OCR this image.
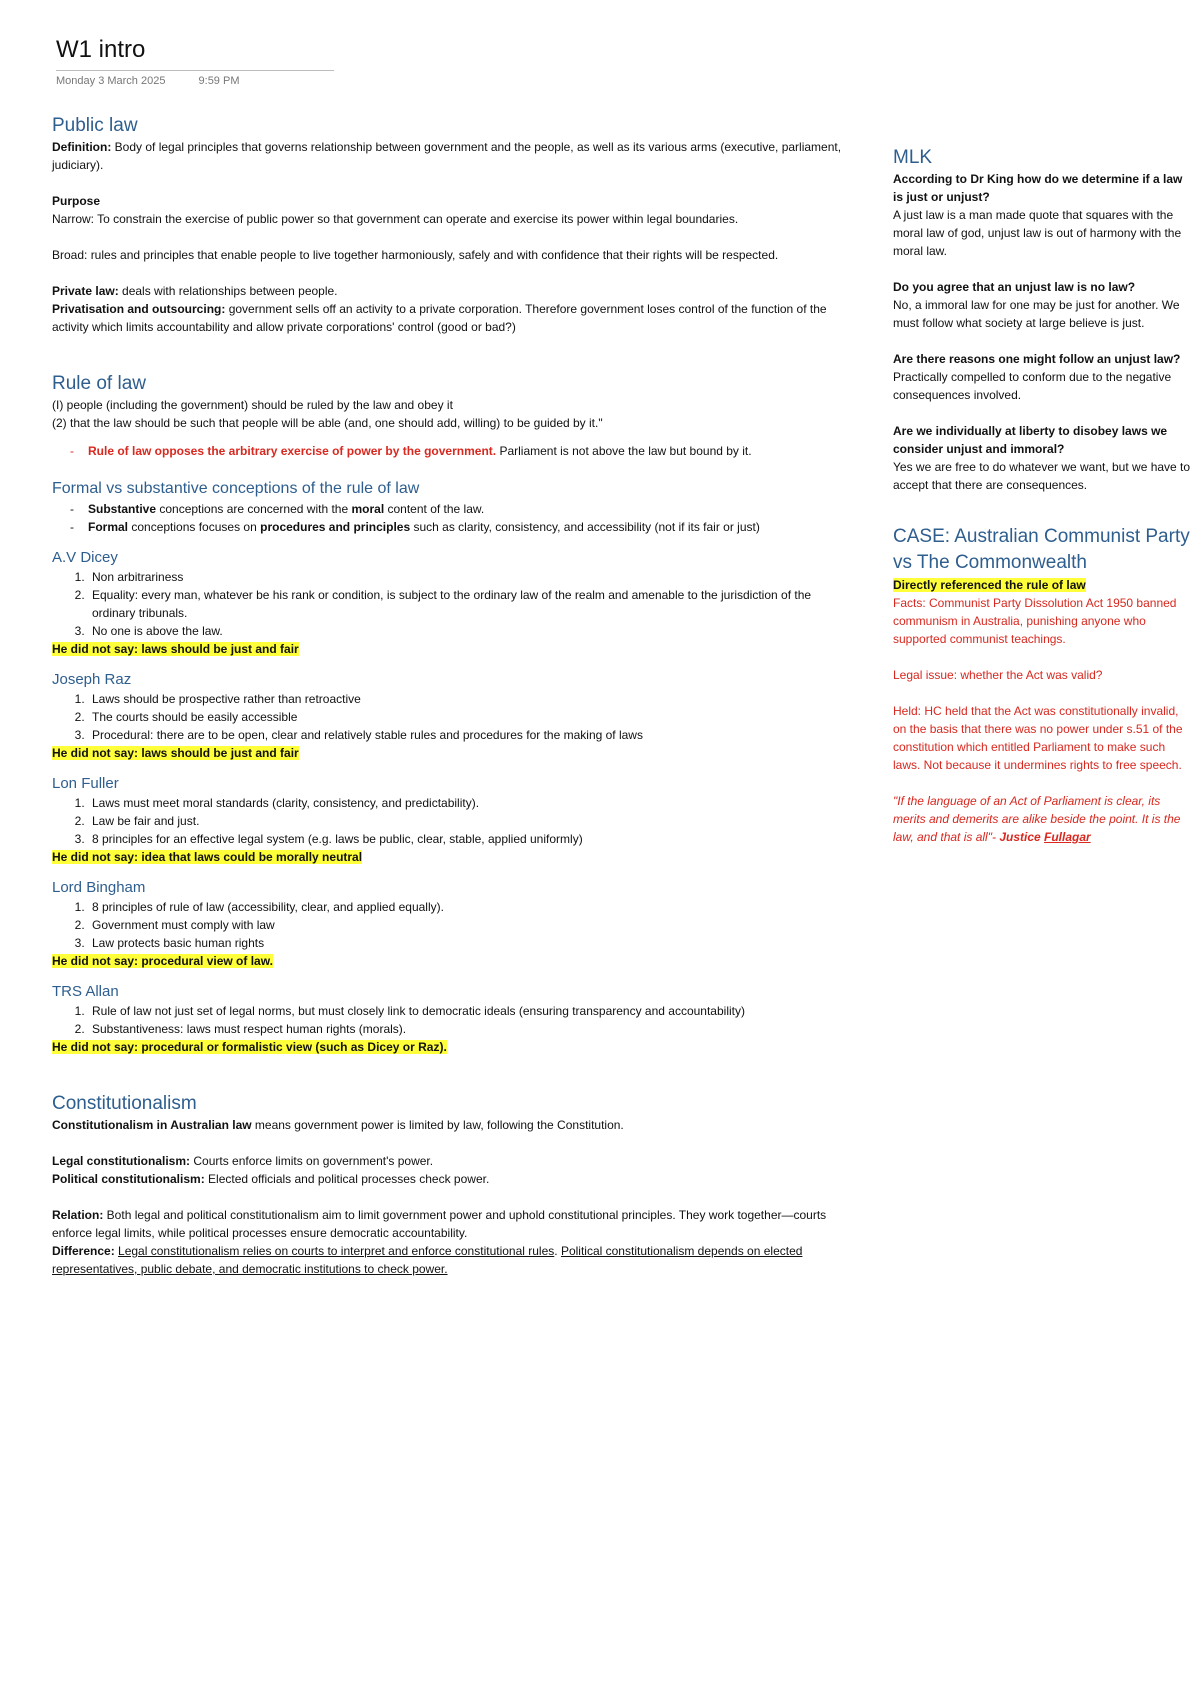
W1 intro
Monday 3 March 2025	9:59 PM
Public law

Definition: Body of legal principles that governs relationship between government and the people, as well as its various arms (executive, parliament, judiciary).

Purpose

Narrow: To constrain the exercise of public power so that government can operate and exercise its power within legal boundaries.

Broad: rules and principles that enable people to live together harmoniously, safely and with confidence that their rights will be respected.

Private law: deals with relationships between people.

Privatisation and outsourcing: government sells off an activity to a private corporation. Therefore government loses control of the function of the activity which limits accountability and allow private corporations' control (good or bad?)

Rule of law

(I) people (including the government) should be ruled by the law and obey it

(2) that the law should be such that people will be able (and, one should add, willing) to be guided by it."

- Rule of law opposes the arbitrary exercise of power by the government. Parliament is not above the law but bound by it.
Formal vs substantive conceptions of the rule of law
- Substantive conceptions are concerned with the moral content of the law.
- Formal conceptions focuses on procedures and principles such as clarity, consistency, and accessibility (not if its fair or just)
A.V Dicey
1. Non arbitrariness
2. Equality: every man, whatever be his rank or condition, is subject to the ordinary law of the realm and amenable to the jurisdiction of the ordinary tribunals.
3. No one is above the law.

He did not say: laws should be just and fair

Joseph Raz
1. Laws should be prospective rather than retroactive
2. The courts should be easily accessible
3. Procedural: there are to be open, clear and relatively stable rules and procedures for the making of laws

He did not say: laws should be just and fair

Lon Fuller
1. Laws must meet moral standards (clarity, consistency, and predictability).
2. Law be fair and just.
3. 8 principles for an effective legal system (e.g. laws be public, clear, stable, applied uniformly)

He did not say: idea that laws could be morally neutral

Lord Bingham
1. 8 principles of rule of law (accessibility, clear, and applied equally).
2. Government must comply with law
3. Law protects basic human rights

He did not say: procedural view of law.

TRS Allan
1. Rule of law not just set of legal norms, but must closely link to democratic ideals (ensuring transparency and accountability)
2. Substantiveness: laws must respect human rights (morals).

He did not say: procedural or formalistic view (such as Dicey or Raz).

Constitutionalism

Constitutionalism in Australian law means government power is limited by law, following the Constitution.

Legal constitutionalism: Courts enforce limits on government's power.

Political constitutionalism: Elected officials and political processes check power.

Relation: Both legal and political constitutionalism aim to limit government power and uphold constitutional principles. They work together—courts enforce legal limits, while political processes ensure democratic accountability.

Difference: Legal constitutionalism relies on courts to interpret and enforce constitutional rules. Political constitutionalism depends on elected representatives, public debate, and democratic institutions to check power.

MLK

According to Dr King how do we determine if a law is just or unjust?

A just law is a man made quote that squares with the moral law of god, unjust law is out of harmony with the moral law.

Do you agree that an unjust law is no law?

No, a immoral law for one may be just for another. We must follow what society at large believe is just.

Are there reasons one might follow an unjust law?

Practically compelled to conform due to the negative consequences involved.

Are we individually at liberty to disobey laws we consider unjust and immoral?

Yes we are free to do whatever we want, but we have to accept that there are consequences.

CASE: Australian Communist Party vs The Commonwealth

Directly referenced the rule of law

Facts: Communist Party Dissolution Act 1950 banned communism in Australia, punishing anyone who supported communist teachings.

Legal issue: whether the Act was valid?

Held: HC held that the Act was constitutionally invalid, on the basis that there was no power under s.51 of the constitution which entitled Parliament to make such laws. Not because it undermines rights to free speech.

"If the language of an Act of Parliament is clear, its merits and demerits are alike beside the point. It is the law, and that is all"- Justice Fullagar
